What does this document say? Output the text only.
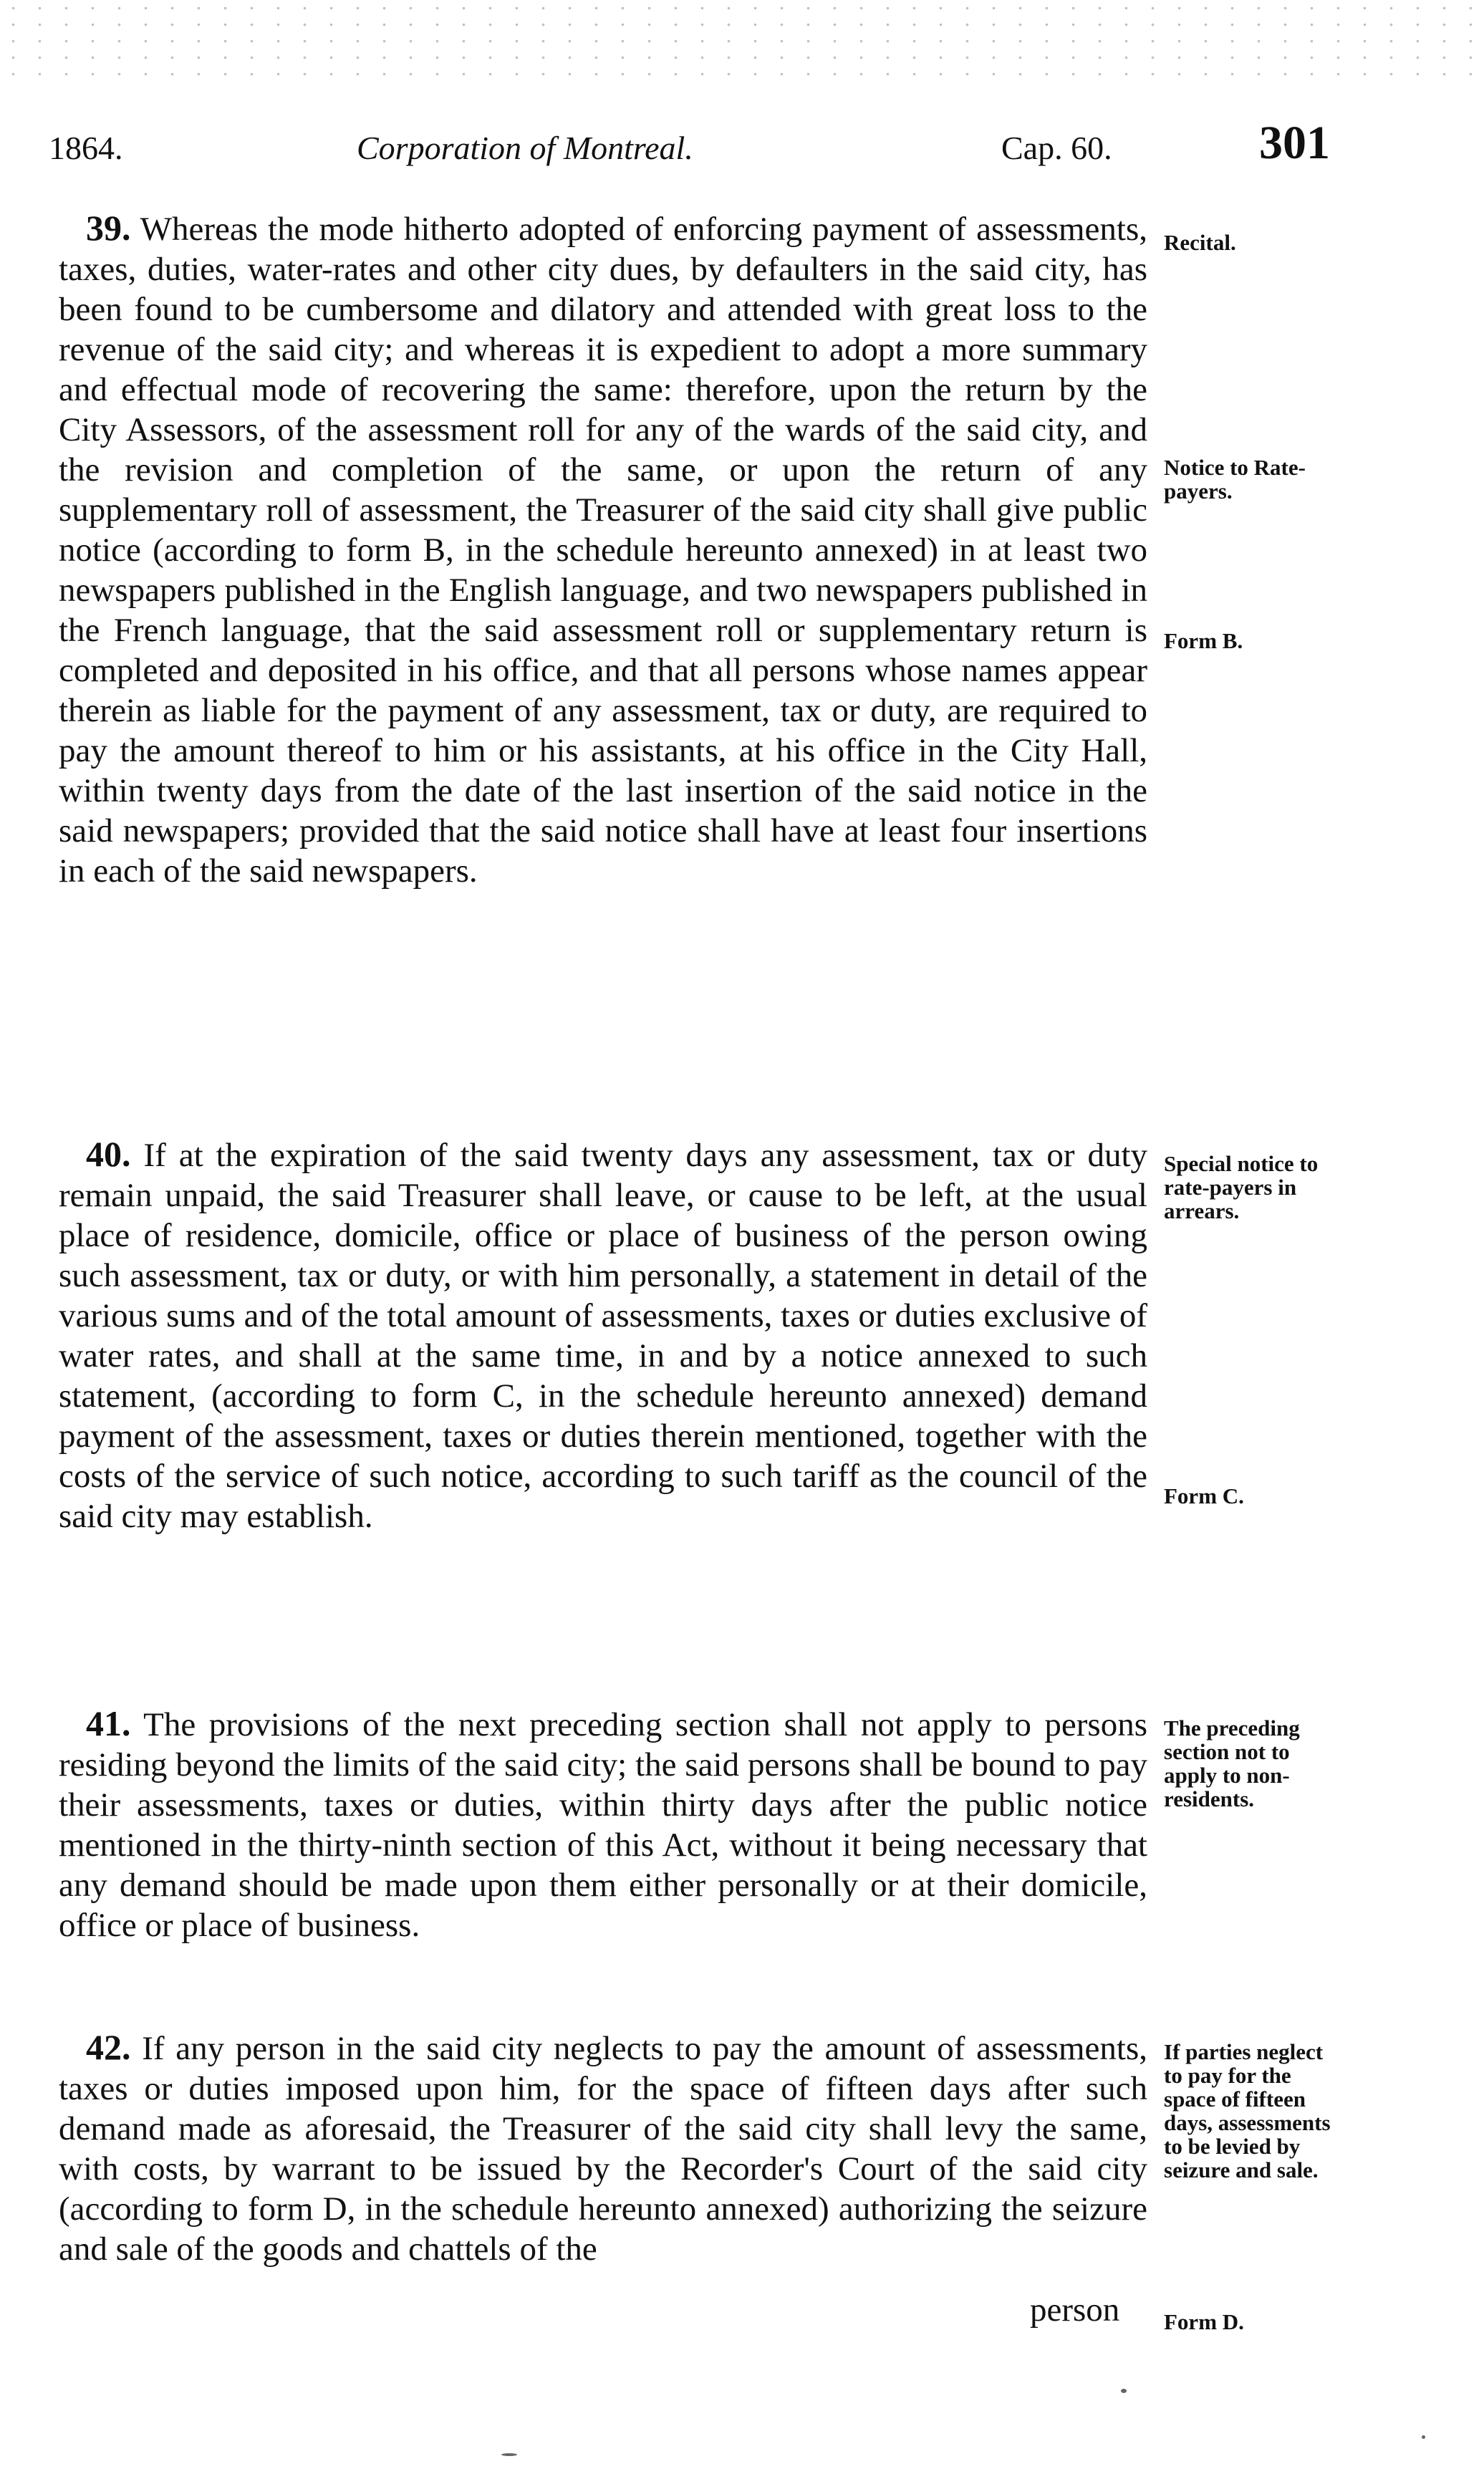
1864.	Corporation of Montreal.	Cap. 60.	301

39. Whereas the mode hitherto adopted of enforcing payment of assessments, taxes, duties, water-rates and other city dues, by defaulters in the said city, has been found to be cumbersome and dilatory and attended with great loss to the revenue of the said city; and whereas it is expedient to adopt a more summary and effectual mode of recovering the same: therefore, upon the return by the City Assessors, of the assessment roll for any of the wards of the said city, and the revision and completion of the same, or upon the return of any supplementary roll of assessment, the Treasurer of the said city shall give public notice (according to form B, in the schedule hereunto annexed) in at least two newspapers published in the English language, and two newspapers published in the French language, that the said assessment roll or supplementary return is completed and deposited in his office, and that all persons whose names appear therein as liable for the payment of any assessment, tax or duty, are required to pay the amount thereof to him or his assistants, at his office in the City Hall, within twenty days from the date of the last insertion of the said notice in the said newspapers; provided that the said notice shall have at least four insertions in each of the said newspapers.

40. If at the expiration of the said twenty days any assessment, tax or duty remain unpaid, the said Treasurer shall leave, or cause to be left, at the usual place of residence, domicile, office or place of business of the person owing such assessment, tax or duty, or with him personally, a statement in detail of the various sums and of the total amount of assessments, taxes or duties exclusive of water rates, and shall at the same time, in and by a notice annexed to such statement, (according to form C, in the schedule hereunto annexed) demand payment of the assessment, taxes or duties therein mentioned, together with the costs of the service of such notice, according to such tariff as the council of the said city may establish.

41. The provisions of the next preceding section shall not apply to persons residing beyond the limits of the said city; the said persons shall be bound to pay their assessments, taxes or duties, within thirty days after the public notice mentioned in the thirty-ninth section of this Act, without it being necessary that any demand should be made upon them either personally or at their domicile, office or place of business.

42. If any person in the said city neglects to pay the amount of assessments, taxes or duties imposed upon him, for the space of fifteen days after such demand made as aforesaid, the Treasurer of the said city shall levy the same, with costs, by warrant to be issued by the Recorder's Court of the said city (according to form D, in the schedule hereunto annexed) authorizing the seizure and sale of the goods and chattels of the

Recital.
Notice to Rate-payers.
Form B.
Special notice to rate-payers in arrears.
Form C.
The preceding section not to apply to non-residents.
If parties neglect to pay for the space of fifteen days, assessments to be levied by seizure and sale.
Form D.
person
